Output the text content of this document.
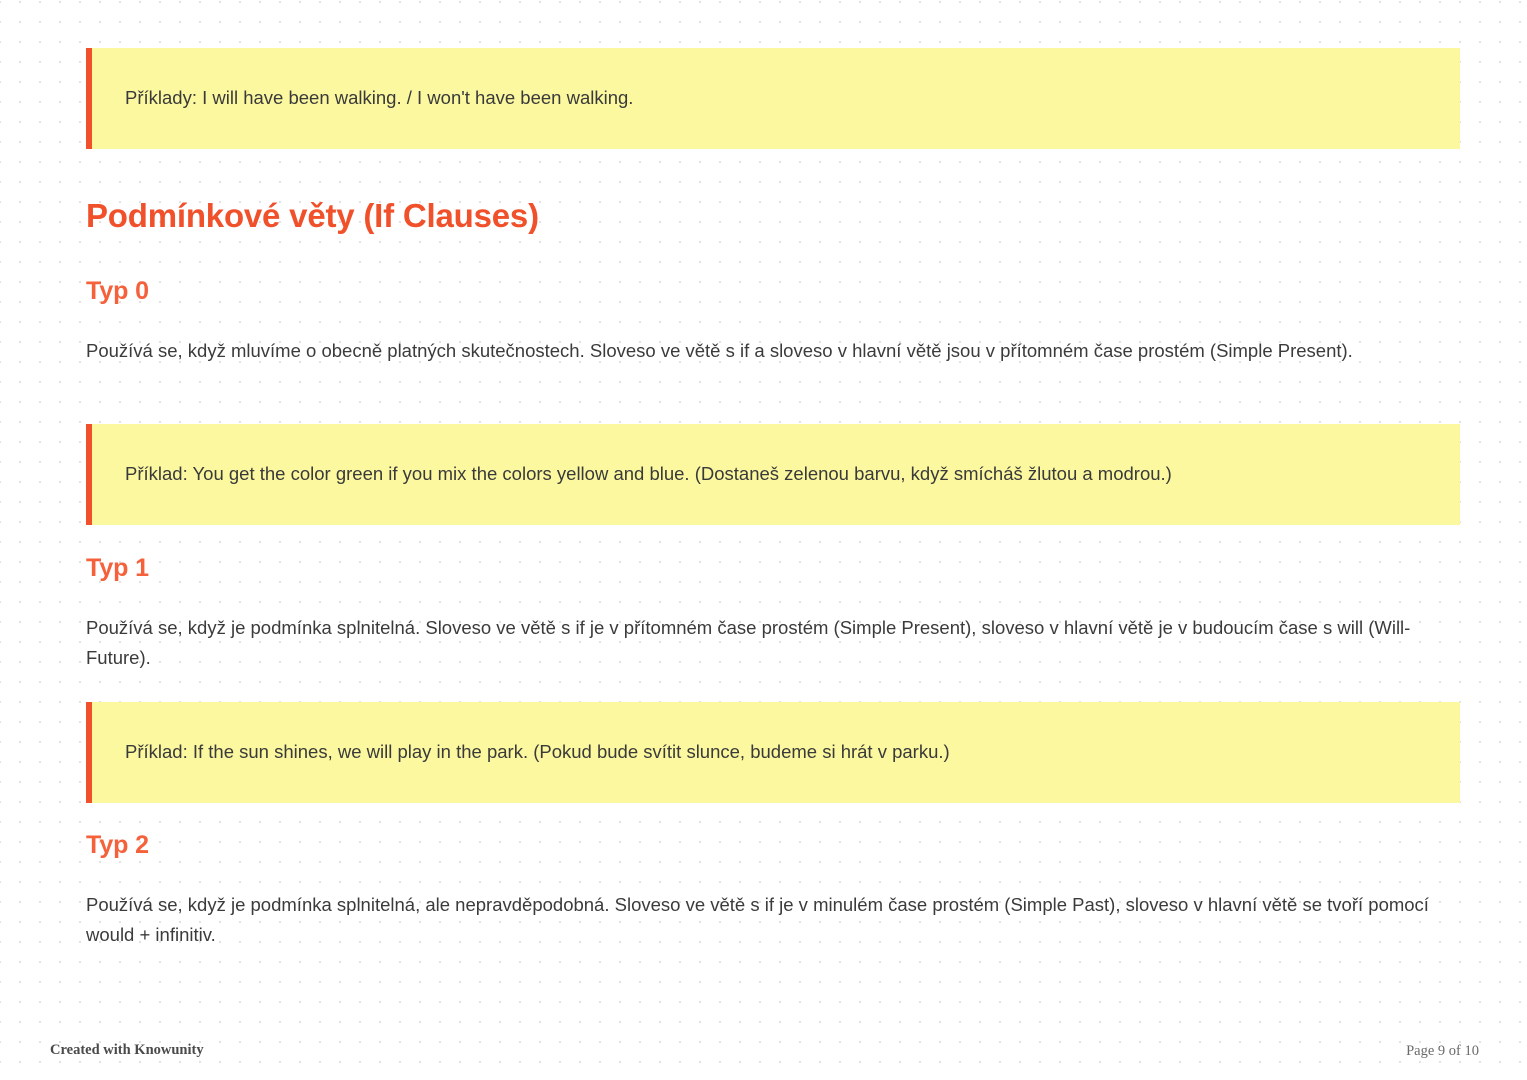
Příklady: I will have been walking. / I won't have been walking.
Podmínkové věty (If Clauses)
Typ 0
Používá se, když mluvíme o obecně platných skutečnostech. Sloveso ve větě s if a sloveso v hlavní větě jsou v přítomném čase prostém (Simple Present).
Příklad: You get the color green if you mix the colors yellow and blue. (Dostaneš zelenou barvu, když smícháš žlutou a modrou.)
Typ 1
Používá se, když je podmínka splnitelná. Sloveso ve větě s if je v přítomném čase prostém (Simple Present), sloveso v hlavní větě je v budoucím čase s will (Will-Future).
Příklad: If the sun shines, we will play in the park. (Pokud bude svítit slunce, budeme si hrát v parku.)
Typ 2
Používá se, když je podmínka splnitelná, ale nepravděpodobná. Sloveso ve větě s if je v minulém čase prostém (Simple Past), sloveso v hlavní větě se tvoří pomocí would + infinitiv.
Created with Knowunity	Page 9 of 10
